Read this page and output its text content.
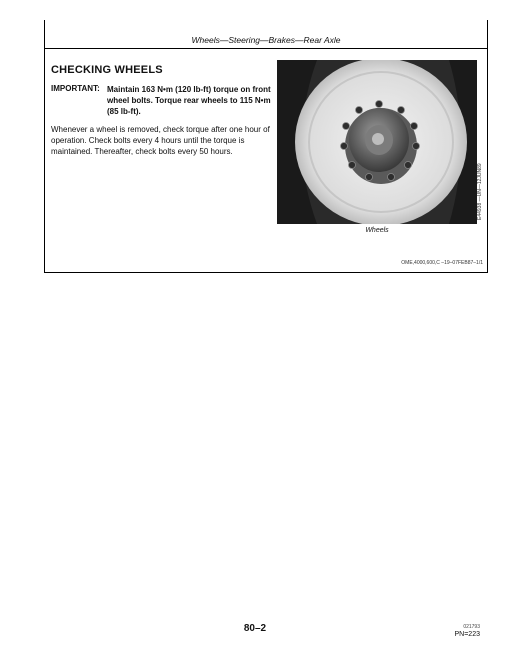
Wheels—Steering—Brakes—Rear Axle
CHECKING WHEELS
IMPORTANT: Maintain 163 N•m (120 lb-ft) torque on front wheel bolts. Torque rear wheels to 115 N•m (85 lb-ft).
Whenever a wheel is removed, check torque after one hour of operation. Check bolts every 4 hours until the torque is maintained. Thereafter, check bolts every 50 hours.
E44938 —UN—12JUN89
Wheels
OME,4000,600,C –19–07FEB87–1/1
80–2	021793
PN=223
